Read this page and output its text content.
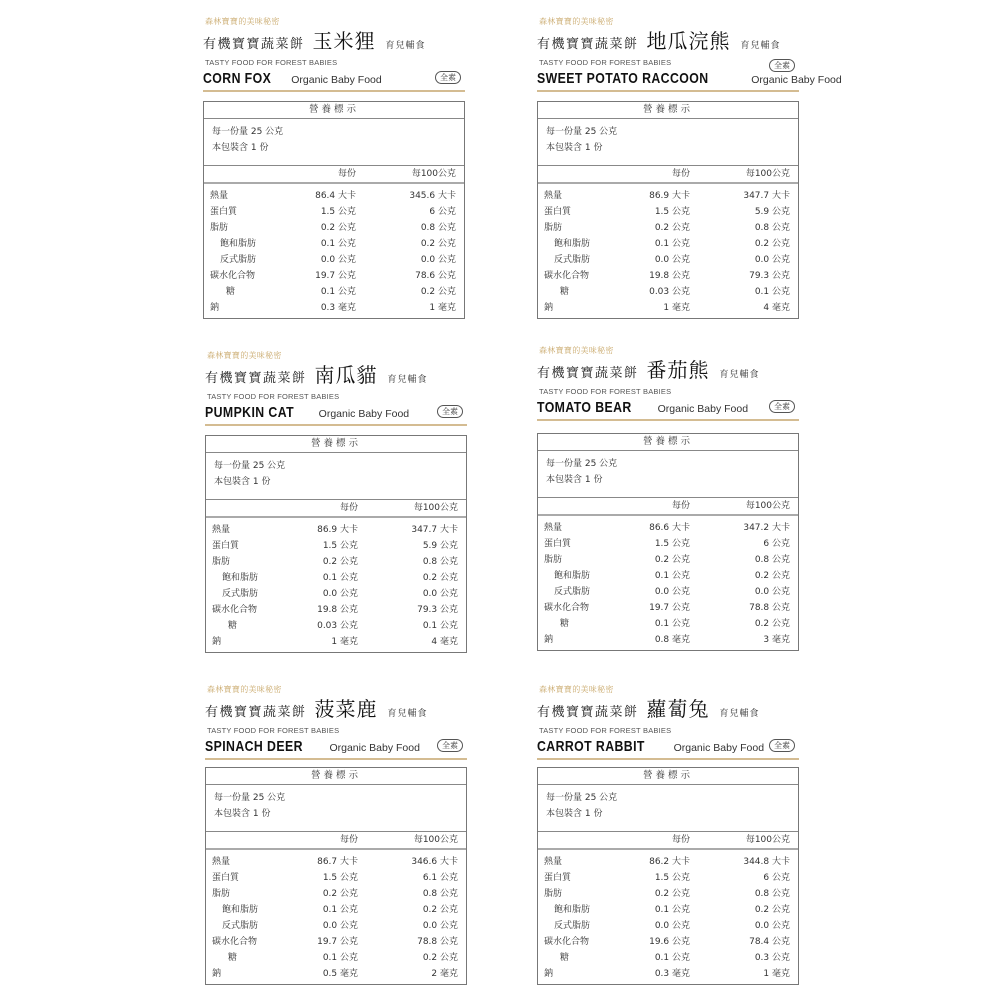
森林寶寶的美味秘密
有機寶寶蔬菜餅 玉米狸 育兒輔食
TASTY FOOD FOR FOREST BABIES
CORN FOX Organic Baby Food	全素
營養標示
每一份量 25 公克
本包裝含 1 份
每份	每100公克
熱量	86.4 大卡	345.6 大卡
蛋白質	1.5 公克	6 公克
脂肪	0.2 公克	0.8 公克
飽和脂肪	0.1 公克	0.2 公克
反式脂肪	0.0 公克	0.0 公克
碳水化合物	19.7 公克	78.6 公克
糖	0.1 公克	0.2 公克
鈉	0.3 毫克	1 毫克
森林寶寶的美味秘密
有機寶寶蔬菜餅 地瓜浣熊 育兒輔食
TASTY FOOD FOR FOREST BABIES
SWEET POTATO RACCOON	Organic Baby Food
全素
營養標示
每一份量 25 公克
本包裝含 1 份
每份	每100公克
熱量	86.9 大卡	347.7 大卡
蛋白質	1.5 公克	5.9 公克
脂肪	0.2 公克	0.8 公克
飽和脂肪	0.1 公克	0.2 公克
反式脂肪	0.0 公克	0.0 公克
碳水化合物	19.8 公克	79.3 公克
糖	0.03 公克	0.1 公克
鈉	1 毫克	4 毫克
森林寶寶的美味秘密
有機寶寶蔬菜餅 南瓜貓 育兒輔食
TASTY FOOD FOR FOREST BABIES
PUMPKIN CAT Organic Baby Food	全素
營養標示
每一份量 25 公克
本包裝含 1 份
每份	每100公克
熱量	86.9 大卡	347.7 大卡
蛋白質	1.5 公克	5.9 公克
脂肪	0.2 公克	0.8 公克
飽和脂肪	0.1 公克	0.2 公克
反式脂肪	0.0 公克	0.0 公克
碳水化合物	19.8 公克	79.3 公克
糖	0.03 公克	0.1 公克
鈉	1 毫克	4 毫克
森林寶寶的美味秘密
有機寶寶蔬菜餅 番茄熊 育兒輔食
TASTY FOOD FOR FOREST BABIES
TOMATO BEAR Organic Baby Food	全素
營養標示
每一份量 25 公克
本包裝含 1 份
每份	每100公克
熱量	86.6 大卡	347.2 大卡
蛋白質	1.5 公克	6 公克
脂肪	0.2 公克	0.8 公克
飽和脂肪	0.1 公克	0.2 公克
反式脂肪	0.0 公克	0.0 公克
碳水化合物	19.7 公克	78.8 公克
糖	0.1 公克	0.2 公克
鈉	0.8 毫克	3 毫克
森林寶寶的美味秘密
有機寶寶蔬菜餅 菠菜鹿 育兒輔食
TASTY FOOD FOR FOREST BABIES
SPINACH DEER	Organic Baby Food	全素
營養標示
每一份量 25 公克
本包裝含 1 份
每份	每100公克
熱量	86.7 大卡	346.6 大卡
蛋白質	1.5 公克	6.1 公克
脂肪	0.2 公克	0.8 公克
飽和脂肪	0.1 公克	0.2 公克
反式脂肪	0.0 公克	0.0 公克
碳水化合物	19.7 公克	78.8 公克
糖	0.1 公克	0.2 公克
鈉	0.5 毫克	2 毫克
森林寶寶的美味秘密
有機寶寶蔬菜餅 蘿蔔兔 育兒輔食
TASTY FOOD FOR FOREST BABIES
CARROT RABBIT	Organic Baby Food	全素
營養標示
每一份量 25 公克
本包裝含 1 份
每份	每100公克
熱量	86.2 大卡	344.8 大卡
蛋白質	1.5 公克	6 公克
脂肪	0.2 公克	0.8 公克
飽和脂肪	0.1 公克	0.2 公克
反式脂肪	0.0 公克	0.0 公克
碳水化合物	19.6 公克	78.4 公克
糖	0.1 公克	0.3 公克
鈉	0.3 毫克	1 毫克
